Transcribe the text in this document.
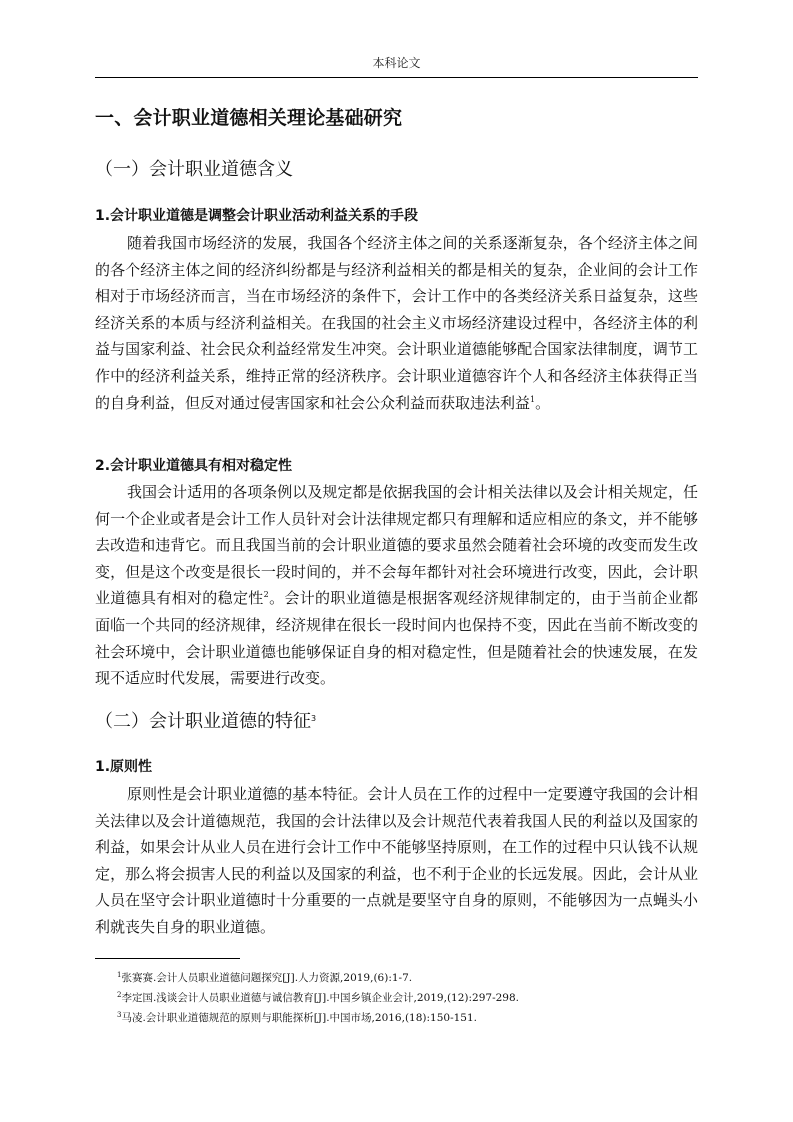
本科论文
一、会计职业道德相关理论基础研究
（一）会计职业道德含义
1.会计职业道德是调整会计职业活动利益关系的手段

随着我国市场经济的发展，我国各个经济主体之间的关系逐渐复杂，各个经济主体之间的各个经济主体之间的经济纠纷都是与经济利益相关的都是相关的复杂，企业间的会计工作相对于市场经济而言，当在市场经济的条件下，会计工作中的各类经济关系日益复杂，这些经济关系的本质与经济利益相关。在我国的社会主义市场经济建设过程中，各经济主体的利益与国家利益、社会民众利益经常发生冲突。会计职业道德能够配合国家法律制度，调节工作中的经济利益关系，维持正常的经济秩序。会计职业道德容许个人和各经济主体获得正当的自身利益，但反对通过侵害国家和社会公众利益而获取违法利益$^1$。

2.会计职业道德具有相对稳定性

我国会计适用的各项条例以及规定都是依据我国的会计相关法律以及会计相关规定，任何一个企业或者是会计工作人员针对会计法律规定都只有理解和适应相应的条文，并不能够去改造和违背它。而且我国当前的会计职业道德的要求虽然会随着社会环境的改变而发生改变，但是这个改变是很长一段时间的，并不会每年都针对社会环境进行改变，因此，会计职业道德具有相对的稳定性$^2$。会计的职业道德是根据客观经济规律制定的，由于当前企业都面临一个共同的经济规律，经济规律在很长一段时间内也保持不变，因此在当前不断改变的社会环境中，会计职业道德也能够保证自身的相对稳定性，但是随着社会的快速发展，在发现不适应时代发展，需要进行改变。

（二）会计职业道德的特征$^3$
1.原则性

原则性是会计职业道德的基本特征。会计人员在工作的过程中一定要遵守我国的会计相关法律以及会计道德规范，我国的会计法律以及会计规范代表着我国人民的利益以及国家的利益，如果会计从业人员在进行会计工作中不能够坚持原则，在工作的过程中只认钱不认规定，那么将会损害人民的利益以及国家的利益，也不利于企业的长远发展。因此，会计从业人员在坚守会计职业道德时十分重要的一点就是要坚守自身的原则，不能够因为一点蝇头小利就丧失自身的职业道德。

$^1$张赛赛.会计人员职业道德问题探究[J].人力资源,2019,(6):1-7.

$^2$李定国.浅谈会计人员职业道德与诚信教育[J].中国乡镇企业会计,2019,(12):297-298.

$^3$马凌.会计职业道德规范的原则与职能探析[J].中国市场,2016,(18):150-151.
